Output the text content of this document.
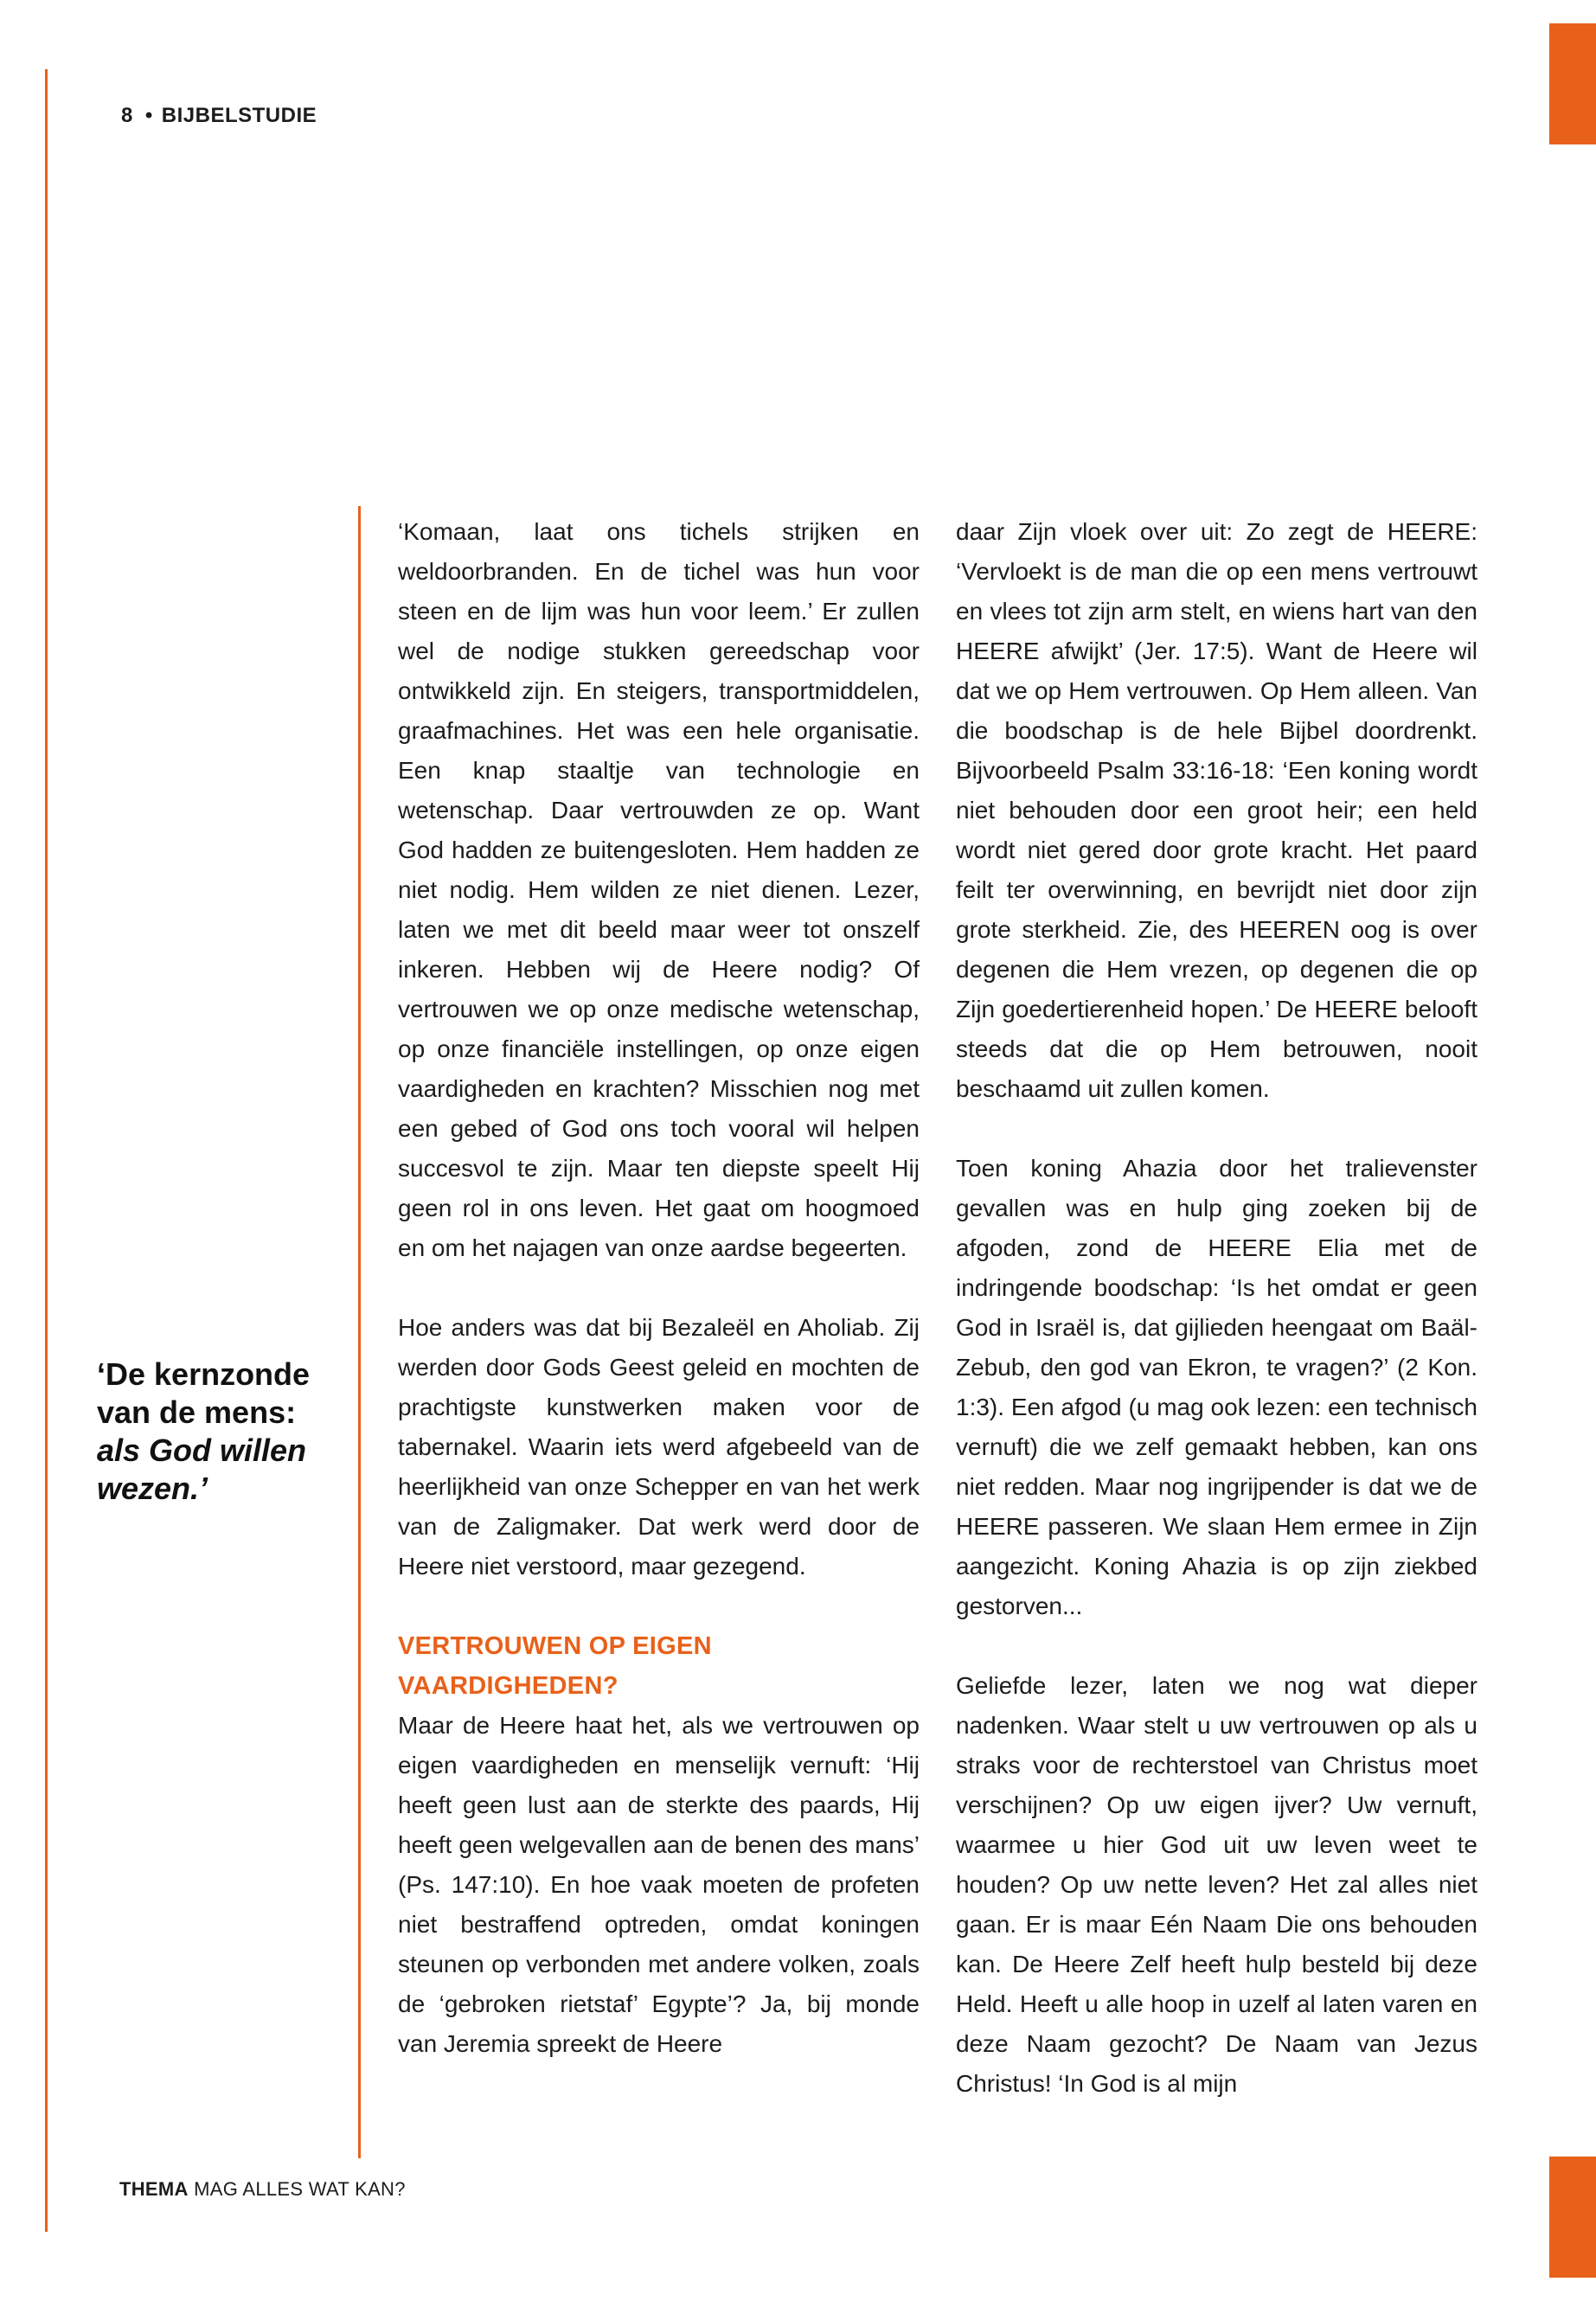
8 • BIJBELSTUDIE
‘De kernzonde van de mens:
als God willen wezen.’

‘Komaan, laat ons tichels strijken en weldoorbranden. En de tichel was hun voor steen en de lijm was hun voor leem.’ Er zullen wel de nodige stukken gereedschap voor ontwikkeld zijn. En steigers, transportmiddelen, graafmachines. Het was een hele organisatie. Een knap staaltje van technologie en wetenschap. Daar vertrouwden ze op. Want God hadden ze buitengesloten. Hem hadden ze niet nodig. Hem wilden ze niet dienen. Lezer, laten we met dit beeld maar weer tot onszelf inkeren. Hebben wij de Heere nodig? Of vertrouwen we op onze medische wetenschap, op onze financiële instellingen, op onze eigen vaardigheden en krachten? Misschien nog met een gebed of God ons toch vooral wil helpen succesvol te zijn. Maar ten diepste speelt Hij geen rol in ons leven. Het gaat om hoogmoed en om het najagen van onze aardse begeerten.

Hoe anders was dat bij Bezaleël en Aholiab. Zij werden door Gods Geest geleid en mochten de prachtigste kunstwerken maken voor de tabernakel. Waarin iets werd afgebeeld van de heerlijkheid van onze Schepper en van het werk van de Zaligmaker. Dat werk werd door de Heere niet verstoord, maar gezegend.

VERTROUWEN OP EIGEN VAARDIGHEDEN?

Maar de Heere haat het, als we vertrouwen op eigen vaardigheden en menselijk vernuft: ‘Hij heeft geen lust aan de sterkte des paards, Hij heeft geen welgevallen aan de benen des mans’ (Ps. 147:10). En hoe vaak moeten de profeten niet bestraffend optreden, omdat koningen steunen op verbonden met andere volken, zoals de ‘gebroken rietstaf’ Egypte’? Ja, bij monde van Jeremia spreekt de Heere

daar Zijn vloek over uit: Zo zegt de HEERE: ‘Vervloekt is de man die op een mens vertrouwt en vlees tot zijn arm stelt, en wiens hart van den HEERE afwijkt’ (Jer. 17:5). Want de Heere wil dat we op Hem vertrouwen. Op Hem alleen. Van die boodschap is de hele Bijbel doordrenkt. Bijvoorbeeld Psalm 33:16-18: ‘Een koning wordt niet behouden door een groot heir; een held wordt niet gered door grote kracht. Het paard feilt ter overwinning, en bevrijdt niet door zijn grote sterkheid. Zie, des HEEREN oog is over degenen die Hem vrezen, op degenen die op Zijn goedertierenheid hopen.’ De HEERE belooft steeds dat die op Hem betrouwen, nooit beschaamd uit zullen komen.

Toen koning Ahazia door het tralievenster gevallen was en hulp ging zoeken bij de afgoden, zond de HEERE Elia met de indringende boodschap: ‘Is het omdat er geen God in Israël is, dat gijlieden heengaat om Baäl-Zebub, den god van Ekron, te vragen?’ (2 Kon. 1:3). Een afgod (u mag ook lezen: een technisch vernuft) die we zelf gemaakt hebben, kan ons niet redden. Maar nog ingrijpender is dat we de HEERE passeren. We slaan Hem ermee in Zijn aangezicht. Koning Ahazia is op zijn ziekbed gestorven...

Geliefde lezer, laten we nog wat dieper nadenken. Waar stelt u uw vertrouwen op als u straks voor de rechterstoel van Christus moet verschijnen? Op uw eigen ijver? Uw vernuft, waarmee u hier God uit uw leven weet te houden? Op uw nette leven? Het zal alles niet gaan. Er is maar Eén Naam Die ons behouden kan. De Heere Zelf heeft hulp besteld bij deze Held. Heeft u alle hoop in uzelf al laten varen en deze Naam gezocht? De Naam van Jezus Christus! ‘In God is al mijn

THEMA MAG ALLES WAT KAN?
